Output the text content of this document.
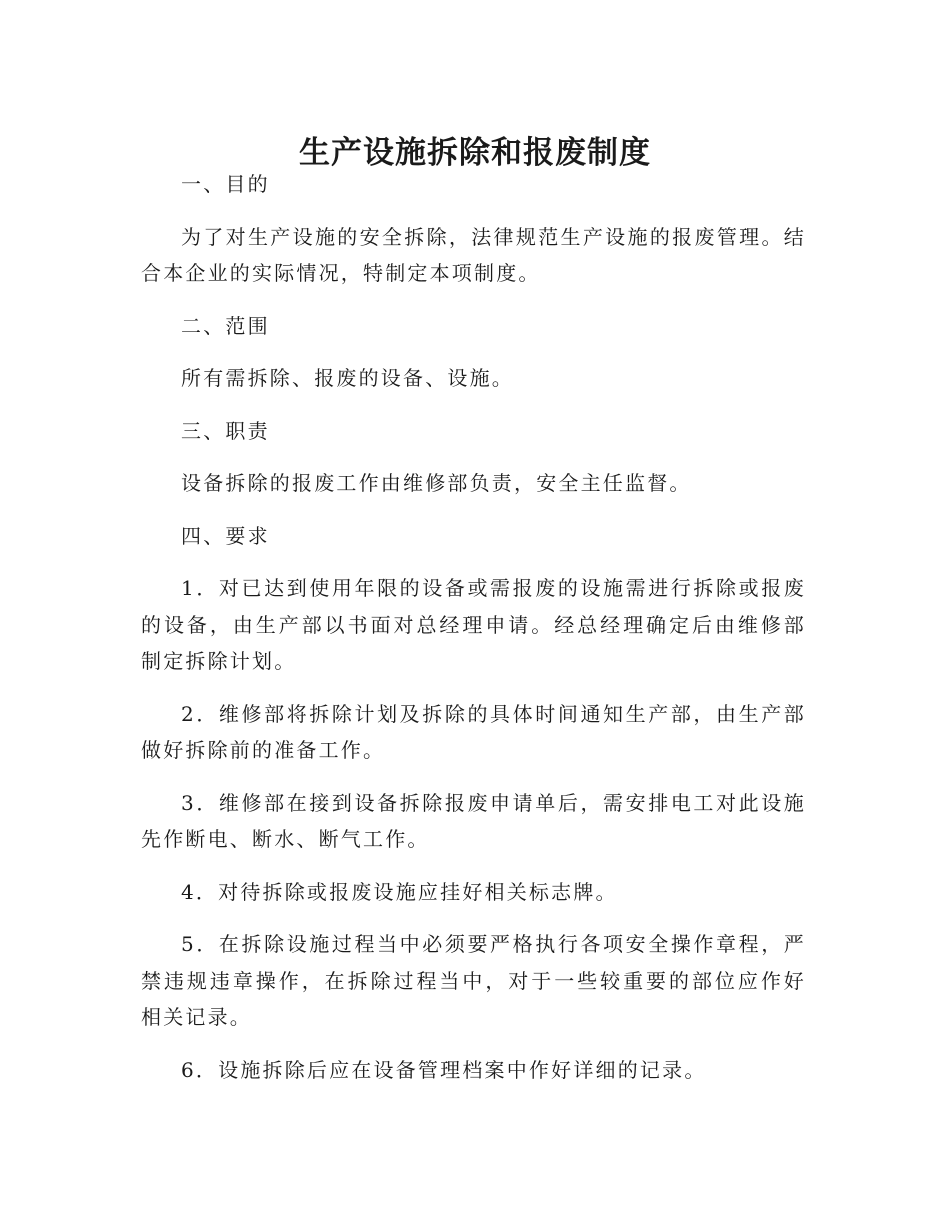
生产设施拆除和报废制度

一、目的

为了对生产设施的安全拆除，法律规范生产设施的报废管理。结合本企业的实际情况，特制定本项制度。

二、范围

所有需拆除、报废的设备、设施。

三、职责

设备拆除的报废工作由维修部负责，安全主任监督。

四、要求

1．对已达到使用年限的设备或需报废的设施需进行拆除或报废的设备，由生产部以书面对总经理申请。经总经理确定后由维修部制定拆除计划。

2．维修部将拆除计划及拆除的具体时间通知生产部，由生产部做好拆除前的准备工作。

3．维修部在接到设备拆除报废申请单后，需安排电工对此设施先作断电、断水、断气工作。

4．对待拆除或报废设施应挂好相关标志牌。

5．在拆除设施过程当中必须要严格执行各项安全操作章程，严禁违规违章操作，在拆除过程当中，对于一些较重要的部位应作好相关记录。

6．设施拆除后应在设备管理档案中作好详细的记录。
